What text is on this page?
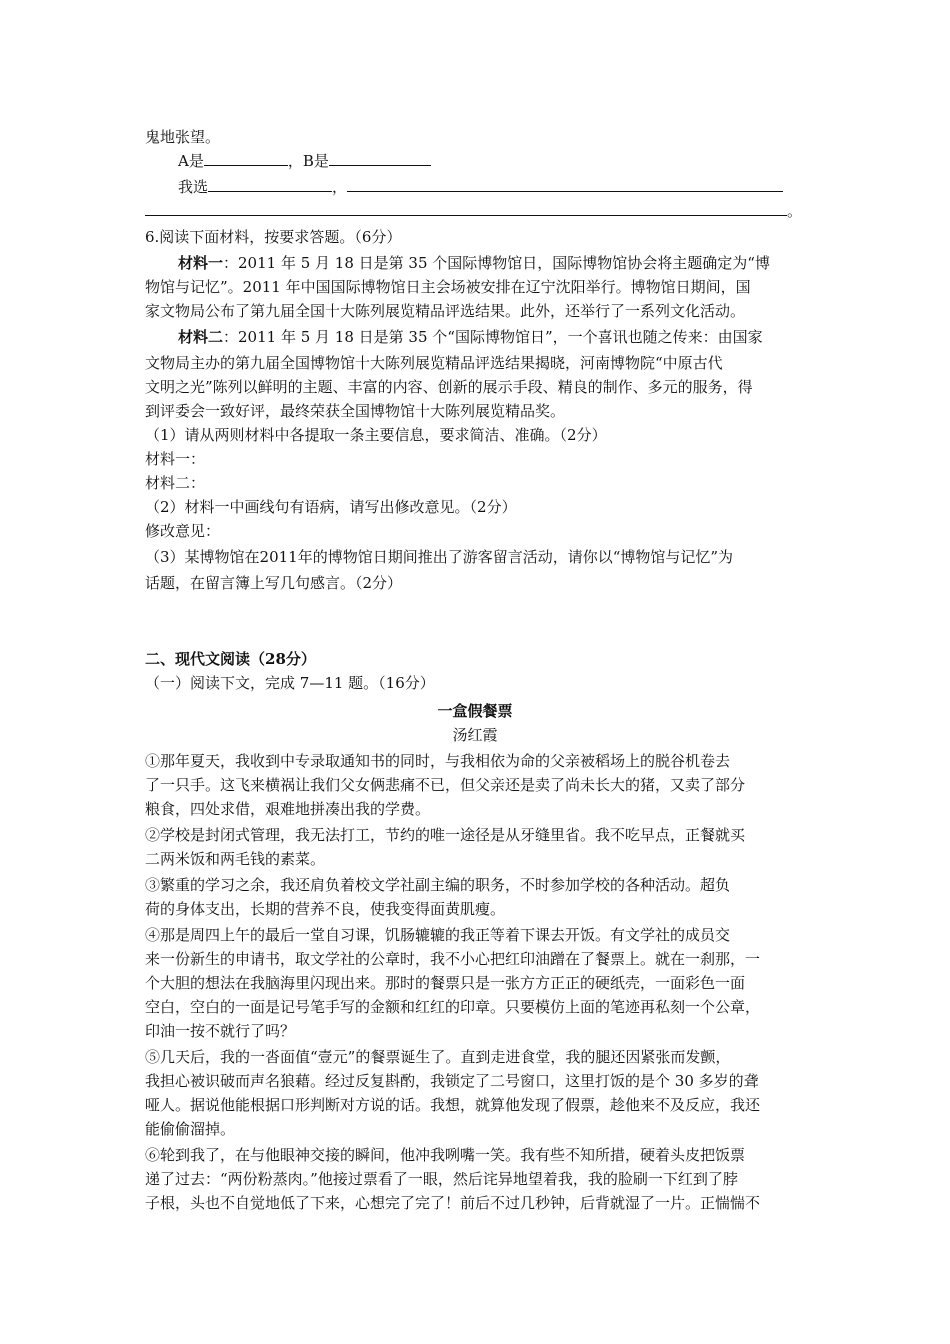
鬼地张望。
A是	，B是
我选	，
。
6.阅读下面材料，按要求答题。（6分）
材料一：2011 年 5 月 18 日是第 35 个国际博物馆日，国际博物馆协会将主题确定为“博
物馆与记忆”。2011 年中国国际博物馆日主会场被安排在辽宁沈阳举行。博物馆日期间，国
家文物局公布了第九届全国十大陈列展览精品评选结果。此外，还举行了一系列文化活动。
材料二：2011 年 5 月 18 日是第 35 个“国际博物馆日”，一个喜讯也随之传来：由国家
文物局主办的第九届全国博物馆十大陈列展览精品评选结果揭晓，河南博物院“中原古代
文明之光”陈列以鲜明的主题、丰富的内容、创新的展示手段、精良的制作、多元的服务，得
到评委会一致好评，最终荣获全国博物馆十大陈列展览精品奖。
（1）请从两则材料中各提取一条主要信息，要求简洁、准确。（2分）
材料一：
材料二：
（2）材料一中画线句有语病，请写出修改意见。（2分）
修改意见：
（3）某博物馆在2011年的博物馆日期间推出了游客留言活动，请你以“博物馆与记忆”为
话题，在留言簿上写几句感言。（2分）
二、现代文阅读（28分）
（一）阅读下文，完成 7—11 题。（16分）
一盒假餐票
汤红霞
①那年夏天，我收到中专录取通知书的同时，与我相依为命的父亲被稻场上的脱谷机卷去
了一只手。这飞来横祸让我们父女俩悲痛不已，但父亲还是卖了尚未长大的猪，又卖了部分
粮食，四处求借，艰难地拼凑出我的学费。
②学校是封闭式管理，我无法打工，节约的唯一途径是从牙缝里省。我不吃早点，正餐就买
二两米饭和两毛钱的素菜。
③繁重的学习之余，我还肩负着校文学社副主编的职务，不时参加学校的各种活动。超负
荷的身体支出，长期的营养不良，使我变得面黄肌瘦。
④那是周四上午的最后一堂自习课，饥肠辘辘的我正等着下课去开饭。有文学社的成员交
来一份新生的申请书，取文学社的公章时，我不小心把红印油蹭在了餐票上。就在一刹那，一
个大胆的想法在我脑海里闪现出来。那时的餐票只是一张方方正正的硬纸壳，一面彩色一面
空白，空白的一面是记号笔手写的金额和红红的印章。只要模仿上面的笔迹再私刻一个公章，
印油一按不就行了吗？
⑤几天后，我的一沓面值“壹元”的餐票诞生了。直到走进食堂，我的腿还因紧张而发颤，
我担心被识破而声名狼藉。经过反复斟酌，我锁定了二号窗口，这里打饭的是个 30 多岁的聋
哑人。据说他能根据口形判断对方说的话。我想，就算他发现了假票，趁他来不及反应，我还
能偷偷溜掉。
⑥轮到我了，在与他眼神交接的瞬间，他冲我咧嘴一笑。我有些不知所措，硬着头皮把饭票
递了过去：“两份粉蒸肉。”他接过票看了一眼，然后诧异地望着我，我的脸刷一下红到了脖
子根，头也不自觉地低了下来，心想完了完了！前后不过几秒钟，后背就湿了一片。正惴惴不
